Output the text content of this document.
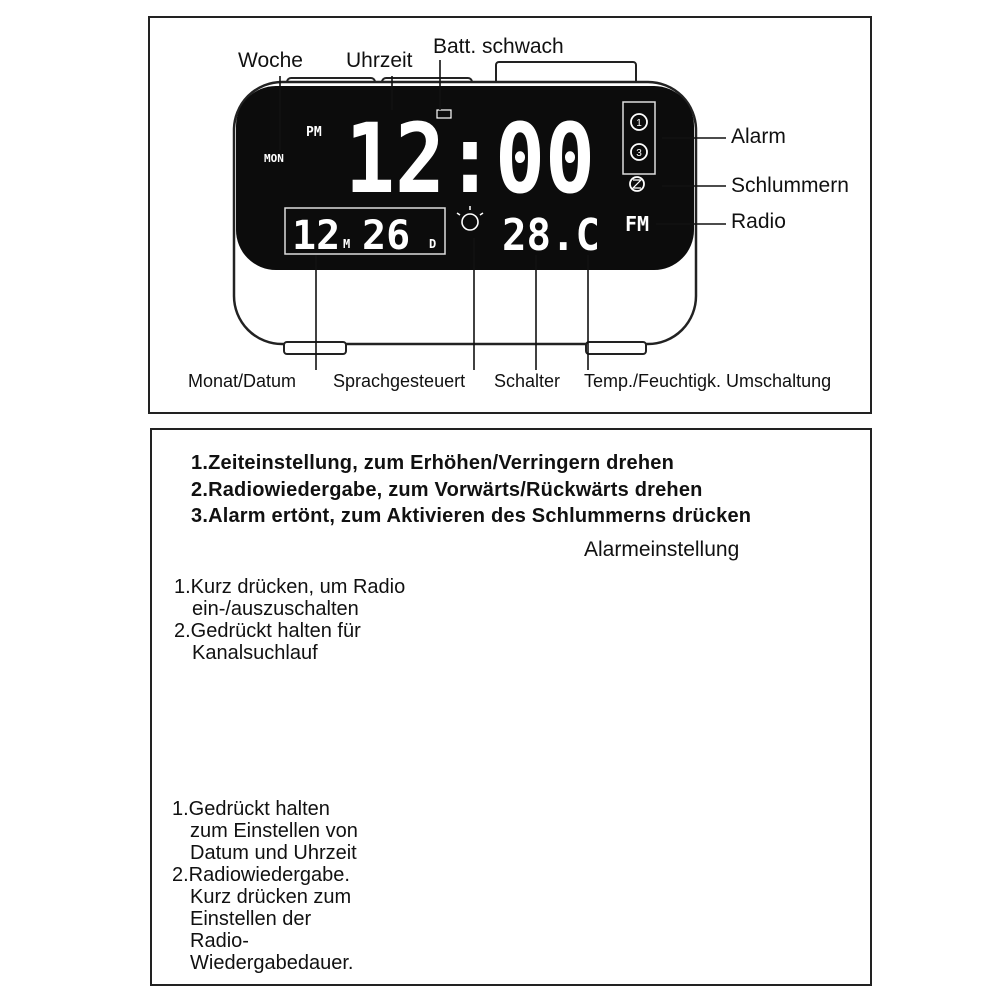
1
3
PM
MON 12:00
12 M 26 D 28.C FM
Woche Uhrzeit
Batt. schwach
Alarm
Schlummern
Radio
Monat/Datum Sprachgesteuert Schalter Temp./Feuchtigk. Umschaltung
1.Zeiteinstellung, zum Erhöhen/Verringern drehen
2.Radiowiedergabe, zum Vorwärts/Rückwärts drehen
3.Alarm ertönt, zum Aktivieren des Schlummerns drücken
Alarmeinstellung
1.Kurz drücken, um Radio
ein-/auszuschalten
2.Gedrückt halten für
Kanalsuchlauf
1.Gedrückt halten
zum Einstellen von
Datum und Uhrzeit
2.Radiowiedergabe.
Kurz drücken zum
Einstellen der
Radio-
Wiedergabedauer.
